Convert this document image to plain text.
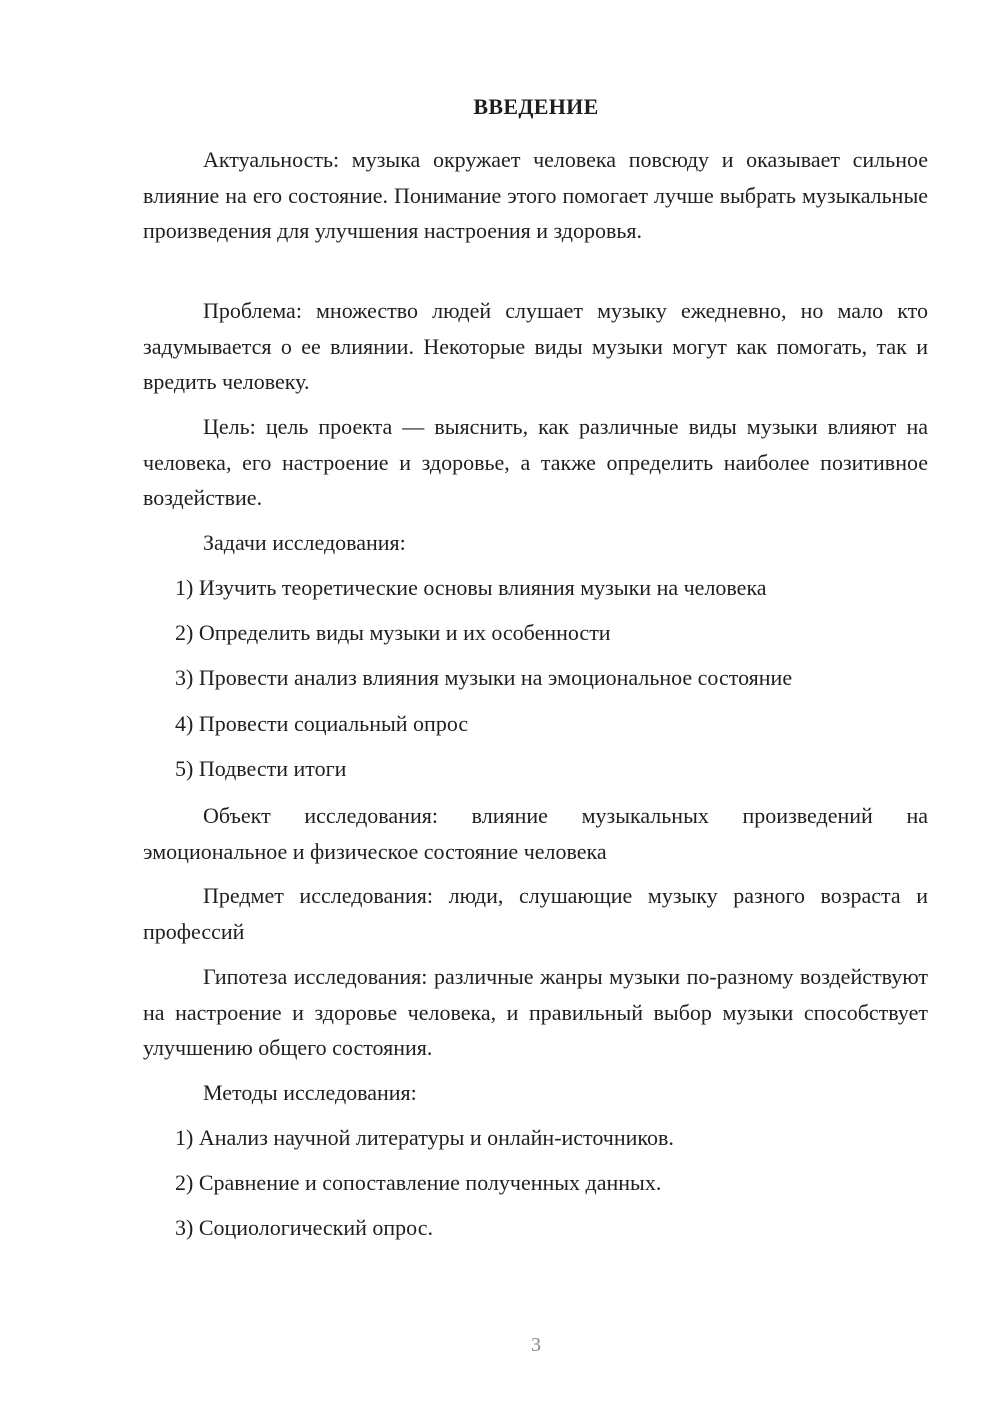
ВВЕДЕНИЕ

Актуальность: музыка окружает человека повсюду и оказывает сильное влияние на его состояние. Понимание этого помогает лучше выбрать музыкальные произведения для улучшения настроения и здоровья.

Проблема: множество людей слушает музыку ежедневно, но мало кто задумывается о ее влиянии. Некоторые виды музыки могут как помогать, так и вредить человеку.

Цель: цель проекта — выяснить, как различные виды музыки влияют на человека, его настроение и здоровье, а также определить наиболее позитивное воздействие.

Задачи исследования:

1) Изучить теоретические основы влияния музыки на человека

2) Определить виды музыки и их особенности

3) Провести анализ влияния музыки на эмоциональное состояние

4) Провести социальный опрос

5) Подвести итоги

Объект исследования: влияние музыкальных произведений на эмоциональное и физическое состояние человека

Предмет исследования: люди, слушающие музыку разного возраста и профессий

Гипотеза исследования: различные жанры музыки по-разному воздействуют на настроение и здоровье человека, и правильный выбор музыки способствует улучшению общего состояния.

Методы исследования:

1) Анализ научной литературы и онлайн-источников.

2) Сравнение и сопоставление полученных данных.

3) Социологический опрос.

3
